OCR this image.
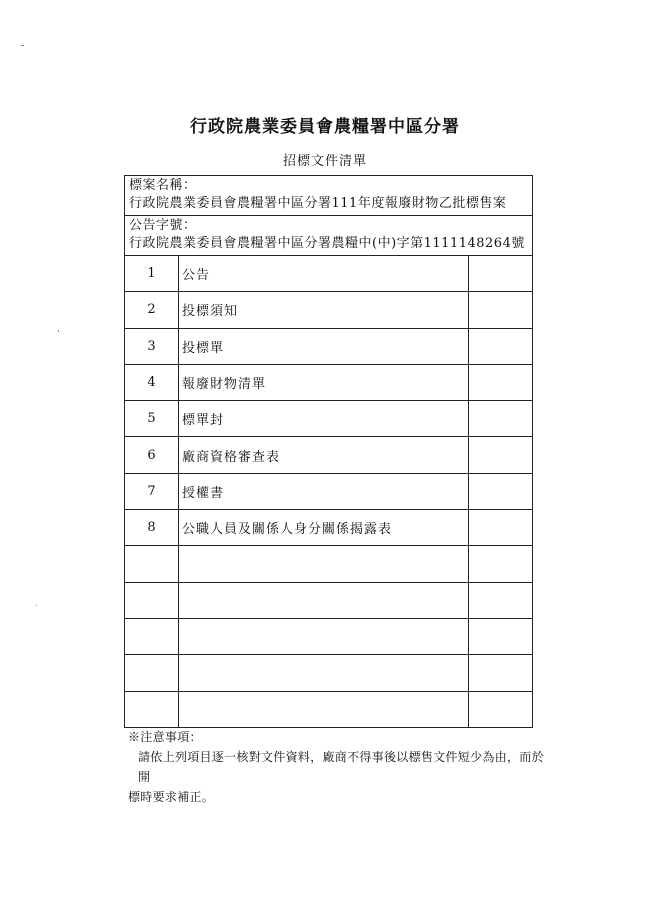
行政院農業委員會農糧署中區分署
招標文件清單
標案名稱：
行政院農業委員會農糧署中區分署111年度報廢財物乙批標售案
公告字號：
行政院農業委員會農糧署中區分署農糧中(中)字第1111148264號
1	公告	
2	投標須知	
3	投標單	
4	報廢財物清單	
5	標單封	
6	廠商資格審查表	
7	授權書	
8	公職人員及關係人身分關係揭露表	

※注意事項：
請依上列項目逐一核對文件資料，廠商不得事後以標售文件短少為由，而於開
標時要求補正。
